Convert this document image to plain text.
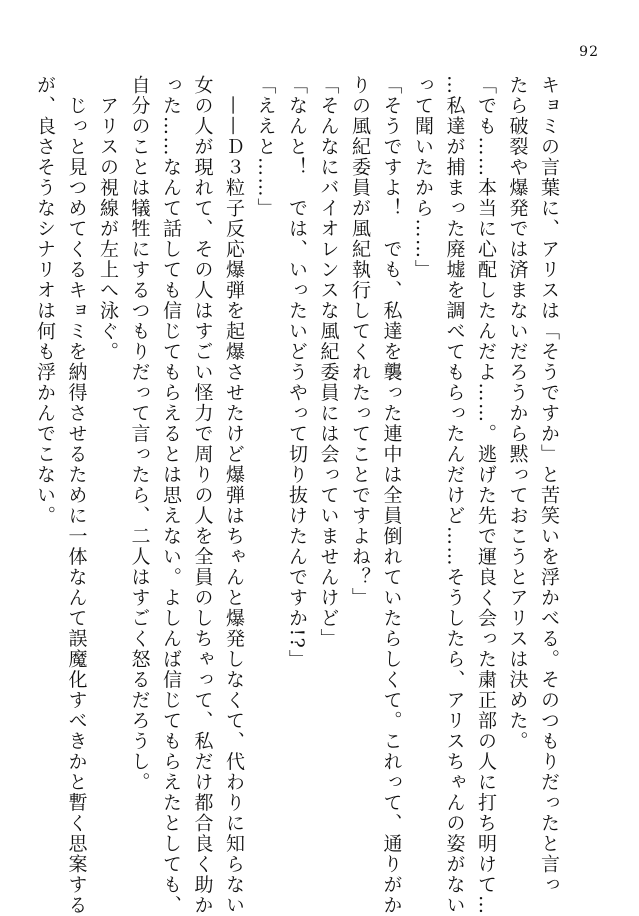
92
キョミの言葉に、アリスは「そうですか」と苦笑いを浮かべる。そのつもりだったと言っ
たら破裂や爆発では済まないだろうから黙っておこうとアリスは決めた。
「でも……本当に心配したんだよ……。逃げた先で運良く会った粛正部の人に打ち明けて…
…私達が捕まった廃墟を調べてもらったんだけど……そうしたら、アリスちゃんの姿がない
って聞いたから……」
「そうですよ！　でも、私達を襲った連中は全員倒れていたらしくて。これって、通りがか
りの風紀委員が風紀執行してくれたってことですよね？」
「そんなにバイオレンスな風紀委員には会っていませんけど」
「なんと！　では、いったいどうやって切り抜けたんですか!?」
「ええと……」
　——Ｄ３粒子反応爆弾を起爆させたけど爆弾はちゃんと爆発しなくて、代わりに知らない
女の人が現れて、その人はすごい怪力で周りの人を全員のしちゃって、私だけ都合良く助か
った……なんて話しても信じてもらえるとは思えない。よしんば信じてもらえたとしても、
自分のことは犠牲にするつもりだって言ったら、二人はすごく怒るだろうし。
　アリスの視線が左上へ泳ぐ。
　じっと見つめてくるキョミを納得させるために一体なんて誤魔化すべきかと暫く思案する
が、良さそうなシナリオは何も浮かんでこない。
